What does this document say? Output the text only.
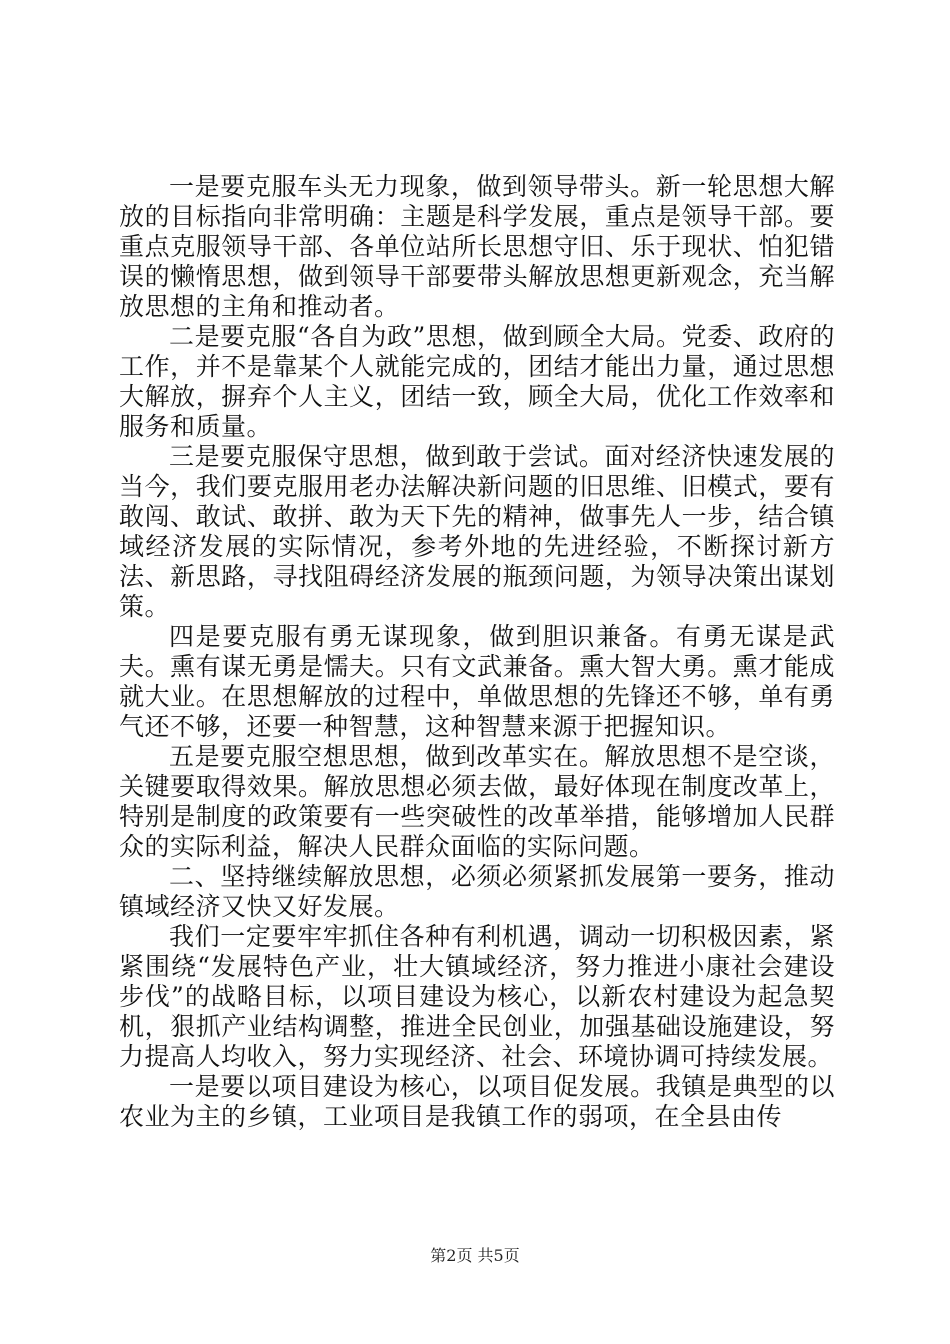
一是要克服车头无力现象，做到领导带头。新一轮思想大解放的目标指向非常明确：主题是科学发展，重点是领导干部。要重点克服领导干部、各单位站所长思想守旧、乐于现状、怕犯错误的懒惰思想，做到领导干部要带头解放思想更新观念，充当解放思想的主角和推动者。

二是要克服“各自为政”思想，做到顾全大局。党委、政府的工作，并不是靠某个人就能完成的，团结才能出力量，通过思想大解放，摒弃个人主义，团结一致，顾全大局，优化工作效率和服务和质量。

三是要克服保守思想，做到敢于尝试。面对经济快速发展的当今，我们要克服用老办法解决新问题的旧思维、旧模式，要有敢闯、敢试、敢拼、敢为天下先的精神，做事先人一步，结合镇域经济发展的实际情况，参考外地的先进经验，不断探讨新方法、新思路，寻找阻碍经济发展的瓶颈问题，为领导决策出谋划策。

四是要克服有勇无谋现象，做到胆识兼备。有勇无谋是武夫。熏有谋无勇是懦夫。只有文武兼备。熏大智大勇。熏才能成就大业。在思想解放的过程中，单做思想的先锋还不够，单有勇气还不够，还要一种智慧，这种智慧来源于把握知识。

五是要克服空想思想，做到改革实在。解放思想不是空谈，关键要取得效果。解放思想必须去做，最好体现在制度改革上，特别是制度的政策要有一些突破性的改革举措，能够增加人民群众的实际利益，解决人民群众面临的实际问题。

二、坚持继续解放思想，必须必须紧抓发展第一要务，推动镇域经济又快又好发展。

我们一定要牢牢抓住各种有利机遇，调动一切积极因素，紧紧围绕“发展特色产业，壮大镇域经济，努力推进小康社会建设步伐”的战略目标，以项目建设为核心，以新农村建设为起急契机，狠抓产业结构调整，推进全民创业，加强基础设施建设，努力提高人均收入，努力实现经济、社会、环境协调可持续发展。

一是要以项目建设为核心，以项目促发展。我镇是典型的以农业为主的乡镇，工业项目是我镇工作的弱项，在全县由传

第2页 共5页
